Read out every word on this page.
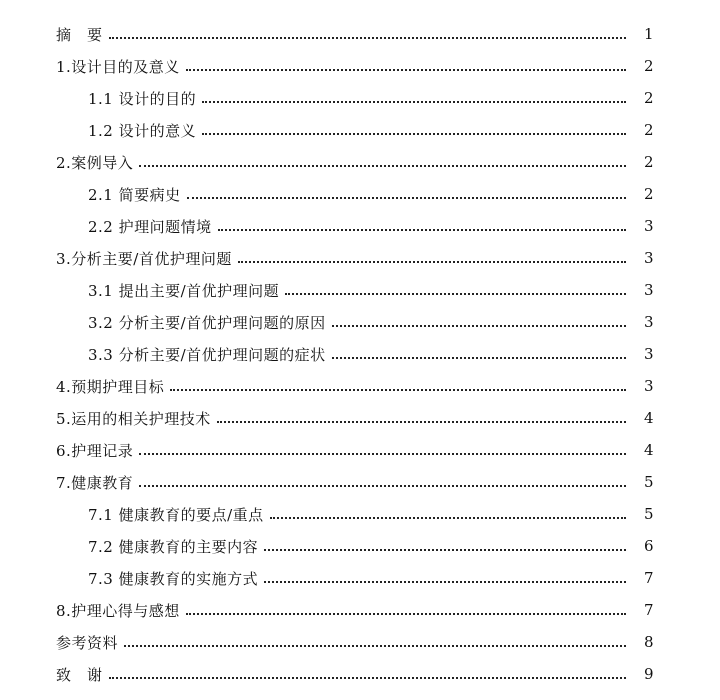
摘　要	1
1.设计目的及意义	2
1.1 设计的目的	2
1.2 设计的意义	2
2.案例导入	2
2.1 简要病史	2
2.2 护理问题情境	3
3.分析主要/首优护理问题	3
3.1 提出主要/首优护理问题	3
3.2 分析主要/首优护理问题的原因	3
3.3 分析主要/首优护理问题的症状	3
4.预期护理目标	3
5.运用的相关护理技术	4
6.护理记录	4
7.健康教育	5
7.1 健康教育的要点/重点	5
7.2 健康教育的主要内容	6
7.3 健康教育的实施方式	7
8.护理心得与感想	7
参考资料	8
致　谢	9
